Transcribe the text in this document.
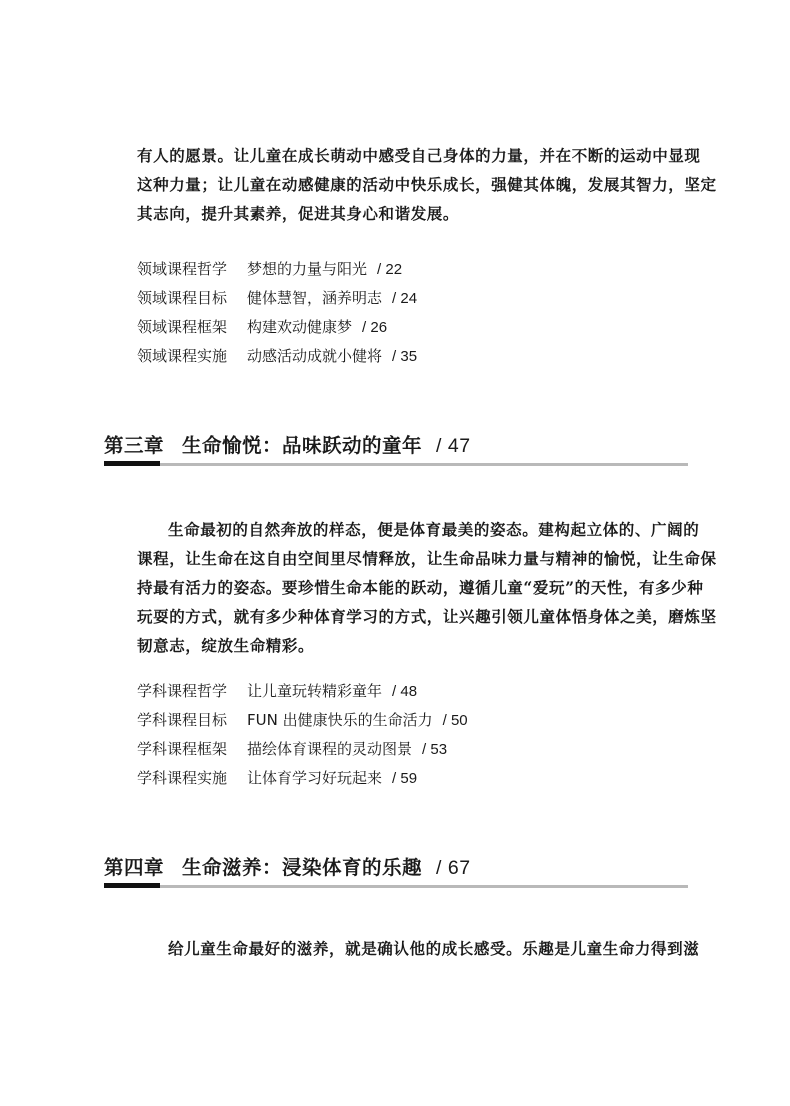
有人的愿景。让儿童在成长萌动中感受自己身体的力量，并在不断的运动中显现
这种力量；让儿童在动感健康的活动中快乐成长，强健其体魄，发展其智力，坚定
其志向，提升其素养，促进其身心和谐发展。
领域课程哲学 梦想的力量与阳光 / 22
领域课程目标 健体慧智，涵养明志 / 24
领域课程框架 构建欢动健康梦 / 26
领域课程实施 动感活动成就小健将 / 35
第三章 生命愉悦：品味跃动的童年 / 47
生命最初的自然奔放的样态，便是体育最美的姿态。建构起立体的、广阔的
课程，让生命在这自由空间里尽情释放，让生命品味力量与精神的愉悦，让生命保
持最有活力的姿态。要珍惜生命本能的跃动，遵循儿童“爱玩”的天性，有多少种
玩耍的方式，就有多少种体育学习的方式，让兴趣引领儿童体悟身体之美，磨炼坚
韧意志，绽放生命精彩。
学科课程哲学 让儿童玩转精彩童年 / 48
学科课程目标 FUN 出健康快乐的生命活力 / 50
学科课程框架 描绘体育课程的灵动图景 / 53
学科课程实施 让体育学习好玩起来 / 59
第四章 生命滋养：浸染体育的乐趣 / 67
给儿童生命最好的滋养，就是确认他的成长感受。乐趣是儿童生命力得到滋
